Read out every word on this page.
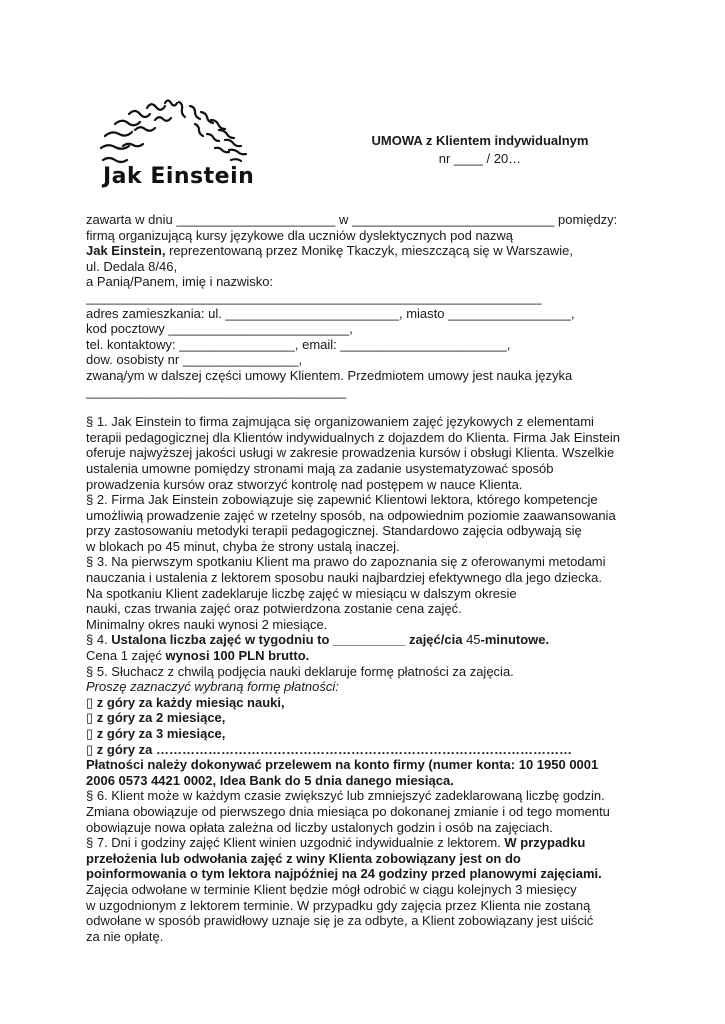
Jak Einstein
UMOWA z Klientem indywidualnym
nr ____ / 20…
zawarta w dniu ______________________ w ____________________________ pomiędzy:
firmą organizującą kursy językowe dla uczniów dyslektycznych pod nazwą
Jak Einstein, reprezentowaną przez Monikę Tkaczyk, mieszczącą się w Warszawie,
ul. Dedala 8/46,
a Panią/Panem, imię i nazwisko:
_______________________________________________________________
adres zamieszkania: ul. ________________________, miasto _________________,
kod pocztowy _________________________,
tel. kontaktowy: ________________, email: _______________________,
dow. osobisty nr ________________,
zwaną/ym w dalszej części umowy Klientem. Przedmiotem umowy jest nauka języka
____________________________________
§ 1. Jak Einstein to firma zajmująca się organizowaniem zajęć językowych z elementami
terapii pedagogicznej dla Klientów indywidualnych z dojazdem do Klienta. Firma Jak Einstein
oferuje najwyższej jakości usługi w zakresie prowadzenia kursów i obsługi Klienta. Wszelkie
ustalenia umowne pomiędzy stronami mają za zadanie usystematyzować sposób
prowadzenia kursów oraz stworzyć kontrolę nad postępem w nauce Klienta.
§ 2. Firma Jak Einstein zobowiązuje się zapewnić Klientowi lektora, którego kompetencje
umożliwią prowadzenie zajęć w rzetelny sposób, na odpowiednim poziomie zaawansowania
przy zastosowaniu metodyki terapii pedagogicznej. Standardowo zajęcia odbywają się
w blokach po 45 minut, chyba że strony ustalą inaczej.
§ 3. Na pierwszym spotkaniu Klient ma prawo do zapoznania się z oferowanymi metodami
nauczania i ustalenia z lektorem sposobu nauki najbardziej efektywnego dla jego dziecka.
Na spotkaniu Klient zadeklaruje liczbę zajęć w miesiącu w dalszym okresie
nauki, czas trwania zajęć oraz potwierdzona zostanie cena zajęć.
Minimalny okres nauki wynosi 2 miesiące.
§ 4. Ustalona liczba zajęć w tygodniu to __________ zajęć/cia 45-minutowe.
Cena 1 zajęć wynosi 100 PLN brutto.
§ 5. Słuchacz z chwilą podjęcia nauki deklaruje formę płatności za zajęcia.
Proszę zaznaczyć wybraną formę płatności:
▯ z góry za każdy miesiąc nauki,
▯ z góry za 2 miesiące,
▯ z góry za 3 miesiące,
▯ z góry za ……………………………………………………………………………………
Płatności należy dokonywać przelewem na konto firmy (numer konta: 10 1950 0001
2006 0573 4421 0002, Idea Bank do 5 dnia danego miesiąca.
§ 6. Klient może w każdym czasie zwiększyć lub zmniejszyć zadeklarowaną liczbę godzin.
Zmiana obowiązuje od pierwszego dnia miesiąca po dokonanej zmianie i od tego momentu
obowiązuje nowa opłata zależna od liczby ustalonych godzin i osób na zajęciach.
§ 7. Dni i godziny zajęć Klient winien uzgodnić indywidualnie z lektorem. W przypadku
przełożenia lub odwołania zajęć z winy Klienta zobowiązany jest on do
poinformowania o tym lektora najpóźniej na 24 godziny przed planowymi zajęciami.
Zajęcia odwołane w terminie Klient będzie mógł odrobić w ciągu kolejnych 3 miesięcy
w uzgodnionym z lektorem terminie. W przypadku gdy zajęcia przez Klienta nie zostaną
odwołane w sposób prawidłowy uznaje się je za odbyte, a Klient zobowiązany jest uiścić
za nie opłatę.
